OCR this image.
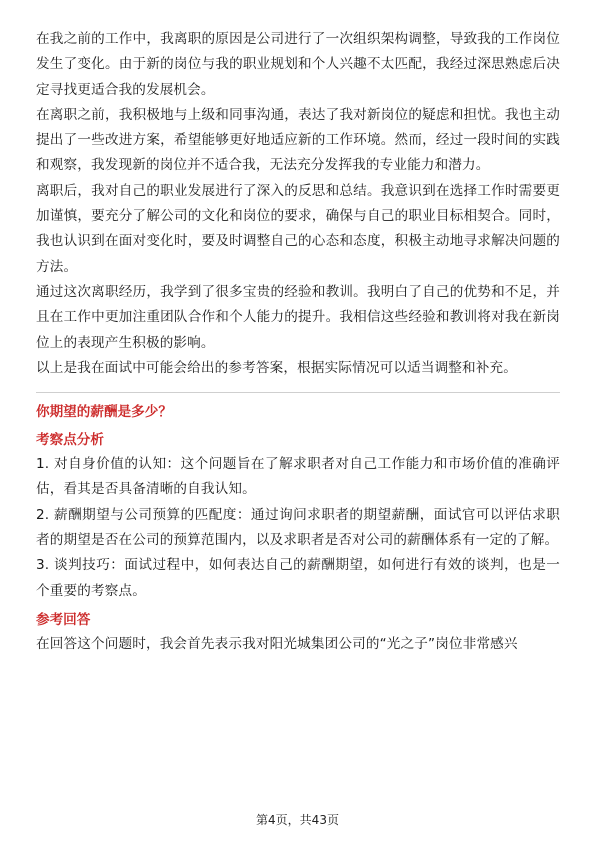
在我之前的工作中，我离职的原因是公司进行了一次组织架构调整，导致我的工作岗位发生了变化。由于新的岗位与我的职业规划和个人兴趣不太匹配，我经过深思熟虑后决定寻找更适合我的发展机会。

在离职之前，我积极地与上级和同事沟通，表达了我对新岗位的疑虑和担忧。我也主动提出了一些改进方案，希望能够更好地适应新的工作环境。然而，经过一段时间的实践和观察，我发现新的岗位并不适合我，无法充分发挥我的专业能力和潜力。

离职后，我对自己的职业发展进行了深入的反思和总结。我意识到在选择工作时需要更加谨慎，要充分了解公司的文化和岗位的要求，确保与自己的职业目标相契合。同时，我也认识到在面对变化时，要及时调整自己的心态和态度，积极主动地寻求解决问题的方法。

通过这次离职经历，我学到了很多宝贵的经验和教训。我明白了自己的优势和不足，并且在工作中更加注重团队合作和个人能力的提升。我相信这些经验和教训将对我在新岗位上的表现产生积极的影响。

以上是我在面试中可能会给出的参考答案，根据实际情况可以适当调整和补充。

你期望的薪酬是多少？

考察点分析

1. 对自身价值的认知：这个问题旨在了解求职者对自己工作能力和市场价值的准确评估，看其是否具备清晰的自我认知。

2. 薪酬期望与公司预算的匹配度：通过询问求职者的期望薪酬，面试官可以评估求职者的期望是否在公司的预算范围内，以及求职者是否对公司的薪酬体系有一定的了解。

3. 谈判技巧：面试过程中，如何表达自己的薪酬期望，如何进行有效的谈判，也是一个重要的考察点。

参考回答

在回答这个问题时，我会首先表示我对阳光城集团公司的“光之子”岗位非常感兴

第4页，共43页
